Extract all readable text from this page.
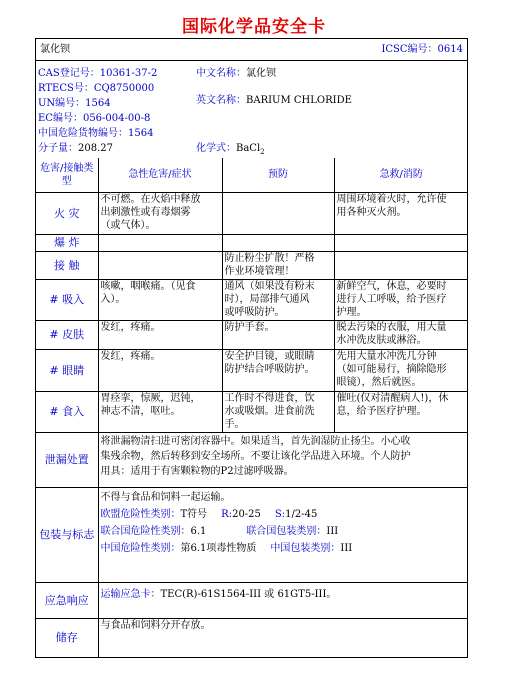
国际化学品安全卡
氯化钡	ICSC编号：0614
CAS登记号：10361-37-2
RTECS号：CQ8750000
UN编号：1564
EC编号：056-004-00-8
中国危险货物编号：1564
分子量：208.27
中文名称：氯化钡
英文名称：BARIUM CHLORIDE
化学式：BaCl$_2$
危害/接触类型	急性危害/症状	预防	急救/消防
火 灾	不可燃。在火焰中释放
出刺激性或有毒烟雾
（或气体）。		周围环境着火时，允许使
用各种灭火剂。

爆 炸			
接 触		防止粉尘扩散！严格
作业环境管理！	

# 吸入	咳嗽，咽喉痛。（见食
入）。	通风（如果没有粉末
时），局部排气通风
或呼吸防护。	新鲜空气，休息，必要时
进行人工呼吸，给予医疗
护理。

# 皮肤	发红，疼痛。	防护手套。	脱去污染的衣服，用大量
水冲洗皮肤或淋浴。

# 眼睛	发红，疼痛。	安全护目镜，或眼睛
防护结合呼吸防护。	先用大量水冲洗几分钟
（如可能易行，摘除隐形
眼镜），然后就医。

# 食入	胃痉挛，惊厥，迟钝，
神志不清，呕吐。	工作时不得进食，饮
水或吸烟。进食前洗
手。	催吐(仅对清醒病人!)，休
息，给予医疗护理。

泄漏处置	将泄漏物清扫进可密闭容器中。如果适当，首先润湿防止扬尘。小心收
集残余物，然后转移到安全场所。不要让该化学品进入环境。个人防护
用具：适用于有害颗粒物的P2过滤呼吸器。		

包装与标志	不得与食品和饲料一起运输。
欧盟危险性类别：T符号 R:20-25 S:1/2-45
联合国危险性类别：6.1 联合国包装类别：III
中国危险性类别：第6.1项毒性物质 中国包装类别：III		

应急响应	运输应急卡：TEC(R)-61S1564-III 或 61GT5-III。		
储存	与食品和饲料分开存放。		
